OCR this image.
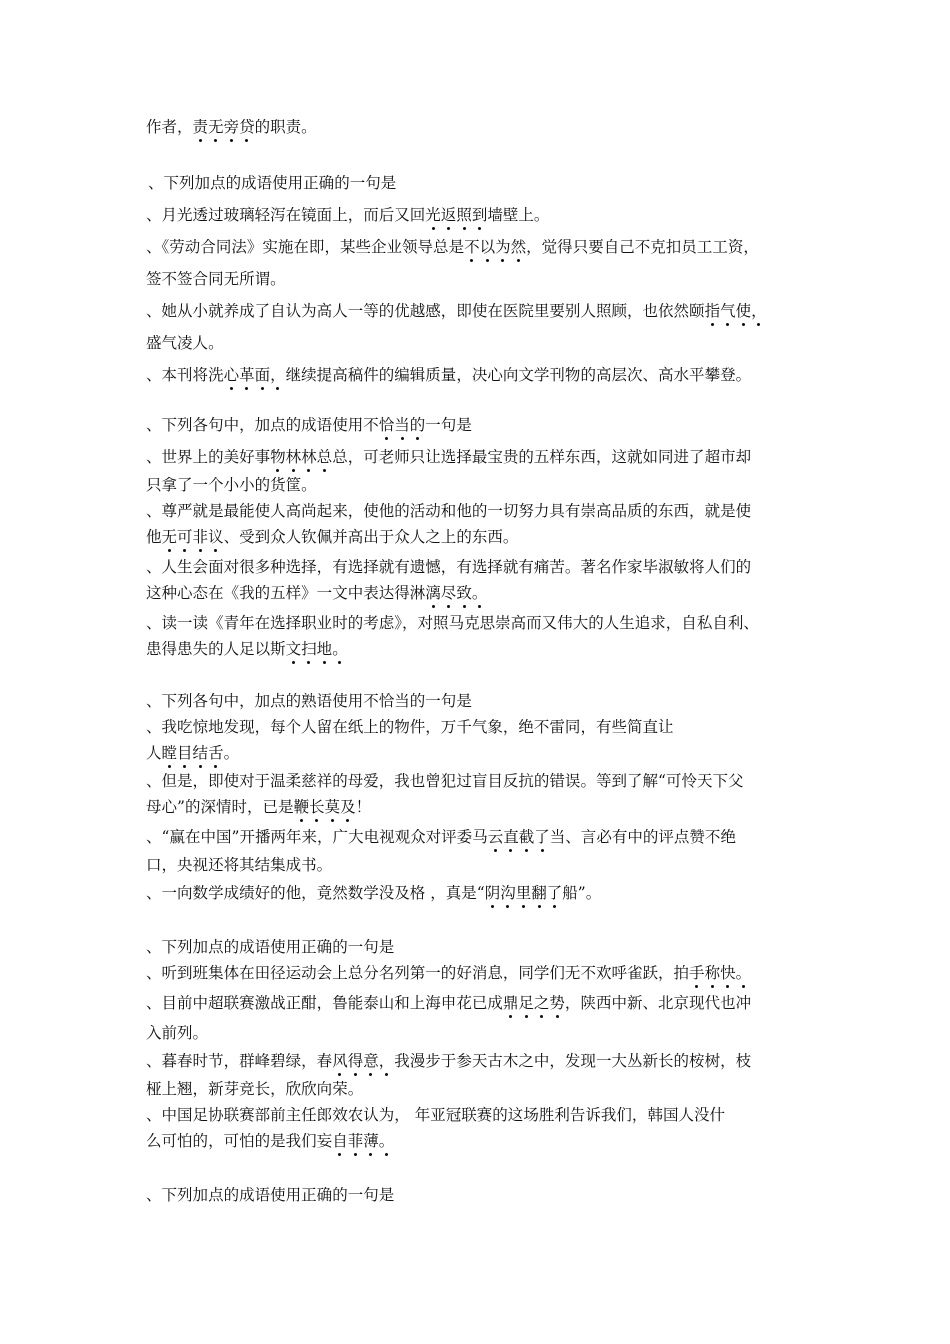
作者，责无旁贷的职责。
、下列加点的成语使用正确的一句是
、月光透过玻璃轻泻在镜面上，而后又回光返照到墙壁上。
、《劳动合同法》实施在即，某些企业领导总是不以为然，觉得只要自己不克扣员工工资，
签不签合同无所谓。
、她从小就养成了自认为高人一等的优越感，即使在医院里要别人照顾，也依然颐指气使，
盛气凌人。
、本刊将洗心革面，继续提高稿件的编辑质量，决心向文学刊物的高层次、高水平攀登。
、下列各句中，加点的成语使用不恰当的一句是
、世界上的美好事物林林总总，可老师只让选择最宝贵的五样东西，这就如同进了超市却
只拿了一个小小的货筐。
、尊严就是最能使人高尚起来，使他的活动和他的一切努力具有崇高品质的东西，就是使
他无可非议、受到众人钦佩并高出于众人之上的东西。
、人生会面对很多种选择，有选择就有遗憾，有选择就有痛苦。著名作家毕淑敏将人们的
这种心态在《我的五样》一文中表达得淋漓尽致。
、读一读《青年在选择职业时的考虑》，对照马克思崇高而又伟大的人生追求，自私自利、
患得患失的人足以斯文扫地。
、下列各句中，加点的熟语使用不恰当的一句是
、我吃惊地发现，每个人留在纸上的物件，万千气象，绝不雷同，有些简直让
人瞠目结舌。
、但是，即使对于温柔慈祥的母爱，我也曾犯过盲目反抗的错误。等到了解“可怜天下父
母心”的深情时，已是鞭长莫及！
、“赢在中国”开播两年来，广大电视观众对评委马云直截了当、言必有中的评点赞不绝
口，央视还将其结集成书。
、一向数学成绩好的他，竟然数学没及格 ，真是“阴沟里翻了船”。
、下列加点的成语使用正确的一句是
、听到班集体在田径运动会上总分名列第一的好消息，同学们无不欢呼雀跃，拍手称快。
、目前中超联赛激战正酣，鲁能泰山和上海申花已成鼎足之势，陕西中新、北京现代也冲
入前列。
、暮春时节，群峰碧绿，春风得意，我漫步于参天古木之中，发现一大丛新长的桉树，枝
桠上翘，新芽竞长，欣欣向荣。
、中国足协联赛部前主任郎效农认为， 年亚冠联赛的这场胜利告诉我们，韩国人没什
么可怕的，可怕的是我们妄自菲薄。
、下列加点的成语使用正确的一句是
